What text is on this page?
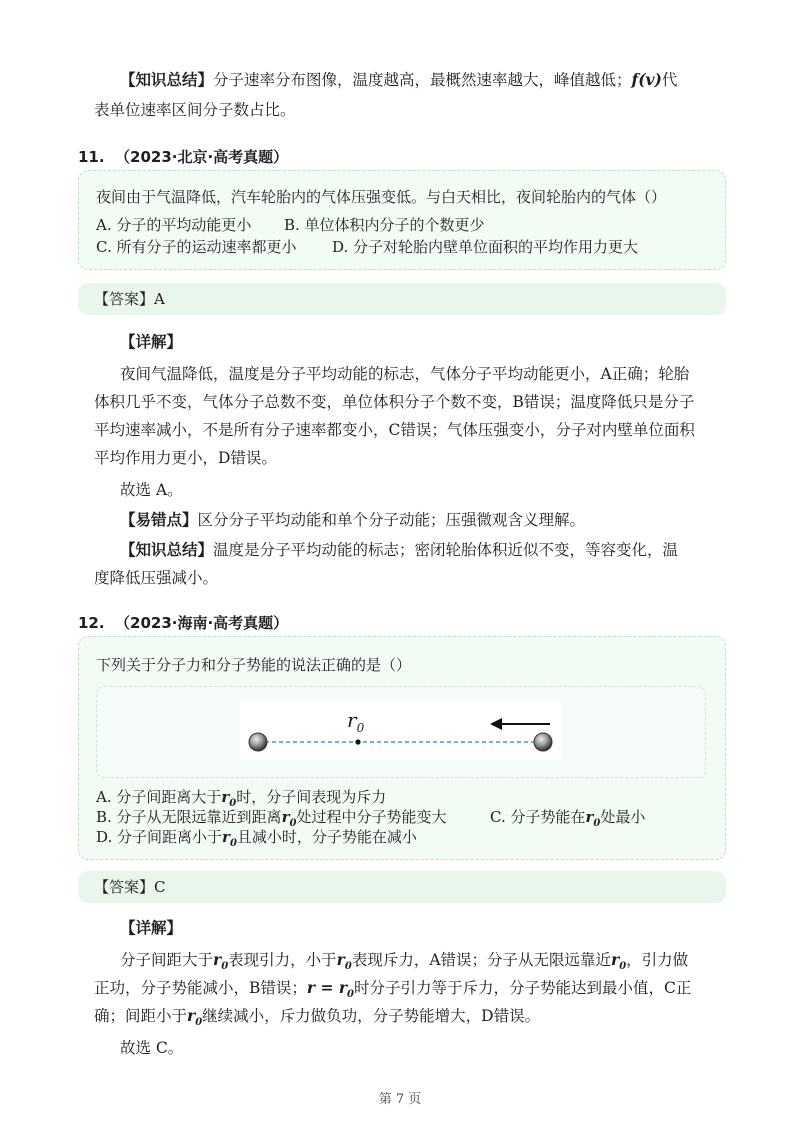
【知识总结】分子速率分布图像，温度越高，最概然速率越大，峰值越低；f(v)代
表单位速率区间分子数占比。
11. （2023·北京·高考真题）
夜间由于气温降低，汽车轮胎内的气体压强变低。与白天相比，夜间轮胎内的气体（）
A. 分子的平均动能更小 B. 单位体积内分子的个数更少
C. 所有分子的运动速率都更小 D. 分子对轮胎内壁单位面积的平均作用力更大
【答案】A
【详解】
夜间气温降低，温度是分子平均动能的标志，气体分子平均动能更小，A正确；轮胎
体积几乎不变，气体分子总数不变，单位体积分子个数不变，B错误；温度降低只是分子
平均速率减小，不是所有分子速率都变小，C错误；气体压强变小，分子对内壁单位面积
平均作用力更小，D错误。
故选 A。
【易错点】区分分子平均动能和单个分子动能；压强微观含义理解。
【知识总结】温度是分子平均动能的标志；密闭轮胎体积近似不变，等容变化，温
度降低压强减小。
12. （2023·海南·高考真题）
下列关于分子力和分子势能的说法正确的是（）
$r_0$
A. 分子间距离大于$r_0$时，分子间表现为斥力
B. 分子从无限远靠近到距离$r_0$处过程中分子势能变大	C. 分子势能在$r_0$处最小
D. 分子间距离小于$r_0$且减小时，分子势能在减小
【答案】C
【详解】
分子间距大于$r_0$表现引力，小于$r_0$表现斥力，A错误；分子从无限远靠近$r_0$，引力做
正功，分子势能减小，B错误；$r = r_0$时分子引力等于斥力，分子势能达到最小值，C正
确；间距小于$r_0$继续减小，斥力做负功，分子势能增大，D错误。
故选 C。
第 7 页
